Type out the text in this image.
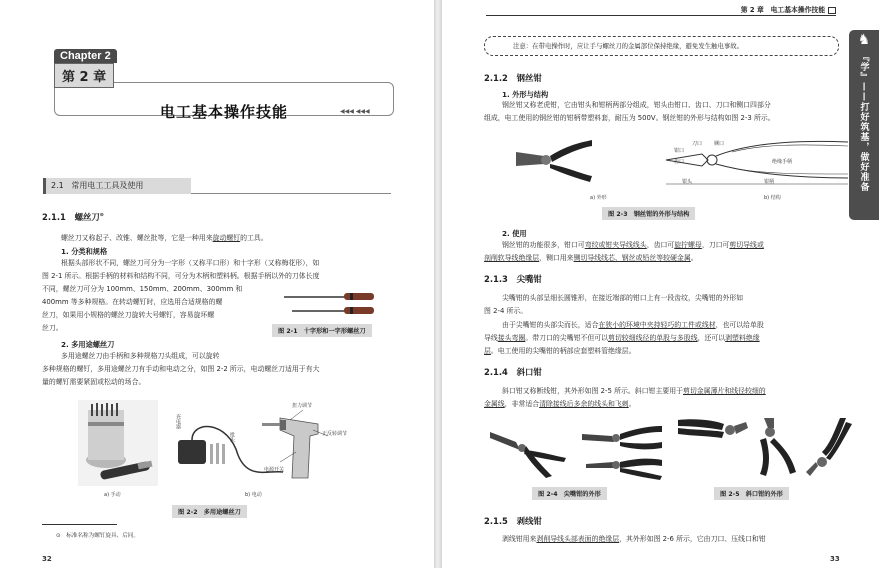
Chapter 2
第 2 章
电工基本操作技能	◀◀◀ ◀◀◀
2.1 常用电工工具及使用
2.1.1 螺丝刀⊙
螺丝刀又称起子、改锥、螺丝批等，它是一种用来旋动螺钉的工具。
1. 分类和规格
根据头部形状不同，螺丝刀可分为一字形（又称平口形）和十字形（又称梅花形），如
图 2-1 所示。根据手柄的材料和结构不同，可分为木柄和塑料柄。根据手柄以外的刀体长度
不同，螺丝刀可分为 100mm、150mm、200mm、300mm 和
400mm 等多种规格。在转动螺钉时，应选用合适规格的螺
丝刀，如果用小规格的螺丝刀旋转大号螺钉，容易旋坏螺
丝刀。	图 2-1　十字形和一字形螺丝刀
2. 多用途螺丝刀
多用途螺丝刀由手柄和多种规格刀头组成，可以旋转
多种规格的螺钉，多用途螺丝刀有手动和电动之分，如图 2-2 所示，电动螺丝刀适用于有大
量的螺钉需要紧固或松动的场合。
a) 手动
充电器
批头
扭力调节
正反转调节
电源开关
b) 电动
图 2-2　多用途螺丝刀
⊙　标准名称为螺钉旋具、后同。
32
第 2 章　电工基本操作技能
注意：在带电操作时，应让手与螺丝刀的金属部位保持绝缘，避免发生触电事故。	♞
『学』——打好筑基，做好准备
2.1.2 钢丝钳
1. 外形与结构
钢丝钳又称老虎钳，它由钳头和钳柄两部分组成，钳头由钳口、齿口、刀口和铡口四部分
组成，电工使用的钢丝钳的钳柄带塑料套，耐压为 500V。钢丝钳的外形与结构如图 2-3 所示。
a) 外形
钳口
刀口 铡口
齿口	绝缘手柄
钳头	钳柄
b) 结构
图 2-3　钢丝钳的外形与结构
2. 使用
钢丝钳的功能很多，钳口可弯绞或钳夹导线线头，齿口可旋拧螺母，刀口可剪切导线或
剖削软导线绝缘层，铡口用来铡切导线线芯、钢丝或铅丝等较硬金属。
2.1.3 尖嘴钳
尖嘴钳的头部呈细长圆锥形，在接近端部的钳口上有一段齿纹，尖嘴钳的外形如
图 2-4 所示。
由于尖嘴钳的头部尖而长，适合在狭小的环境中夹持轻巧的工件或线材，也可以给单股
导线接头弯圈。带刀口的尖嘴钳不但可以剪切较细线径的单股与多股线，还可以剥塑料绝缘
层。电工使用的尖嘴钳的柄部应套塑料管绝缘层。
2.1.4 斜口钳
斜口钳又称断线钳，其外形如图 2-5 所示。斜口钳主要用于剪切金属薄片和线径较细的
金属线，非常适合清除接线后多余的线头和飞刺。
图 2-4　尖嘴钳的外形	图 2-5　斜口钳的外形
2.1.5 剥线钳
剥线钳用来剥削导线头部表面的绝缘层，其外形如图 2-6 所示，它由刀口、压线口和钳
33
